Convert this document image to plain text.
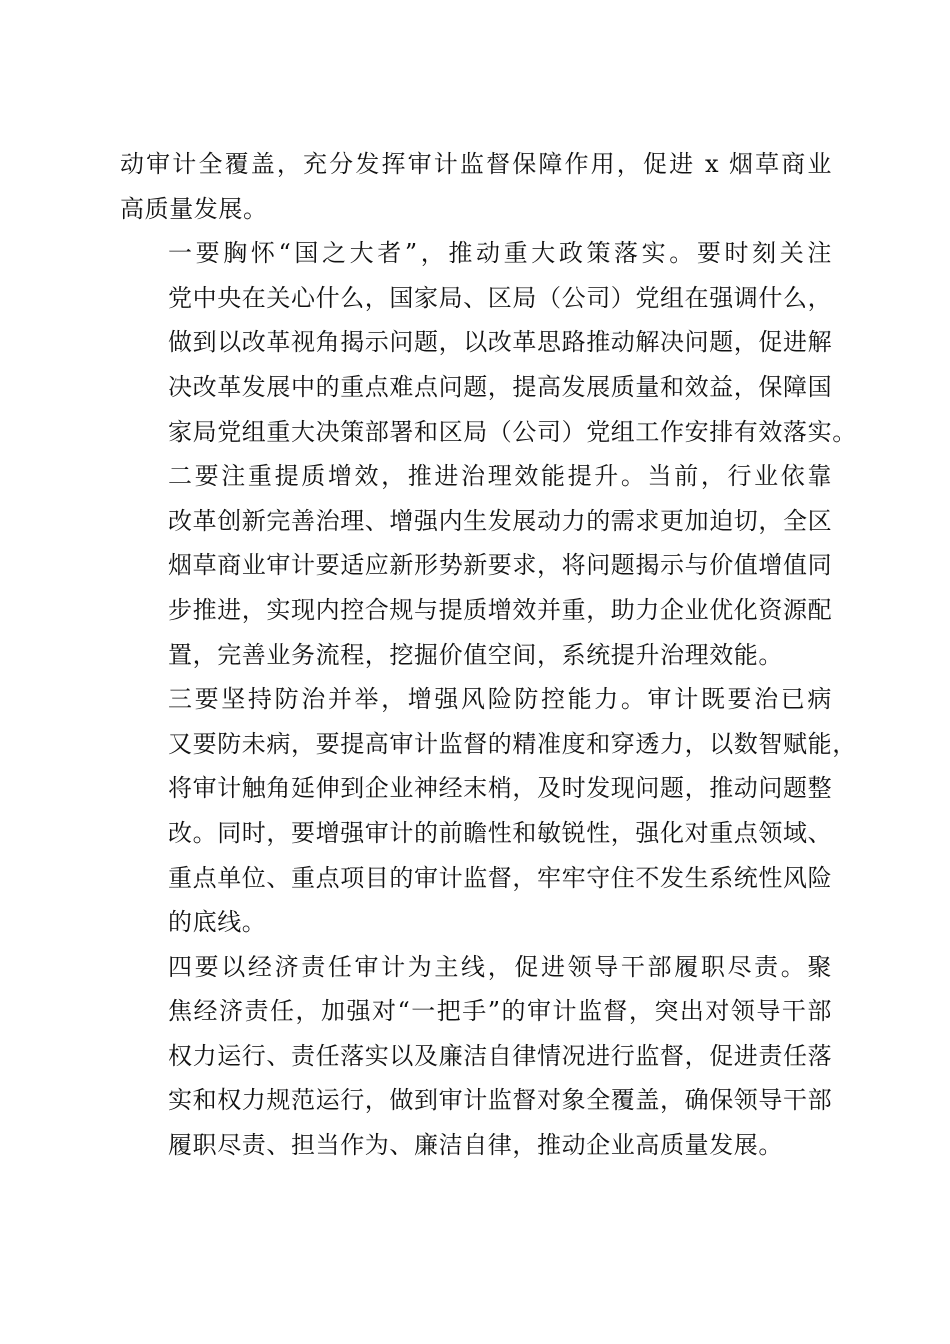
动审计全覆盖，充分发挥审计监督保障作用，促进 x 烟草商业
高质量发展。

一要胸怀“国之大者”，推动重大政策落实。要时刻关注
党中央在关心什么，国家局、区局（公司）党组在强调什么，
做到以改革视角揭示问题，以改革思路推动解决问题，促进解
决改革发展中的重点难点问题，提高发展质量和效益，保障国
家局党组重大决策部署和区局（公司）党组工作安排有效落实。

二要注重提质增效，推进治理效能提升。当前，行业依靠
改革创新完善治理、增强内生发展动力的需求更加迫切，全区
烟草商业审计要适应新形势新要求，将问题揭示与价值增值同
步推进，实现内控合规与提质增效并重，助力企业优化资源配
置，完善业务流程，挖掘价值空间，系统提升治理效能。

三要坚持防治并举，增强风险防控能力。审计既要治已病
又要防未病，要提高审计监督的精准度和穿透力，以数智赋能，
将审计触角延伸到企业神经末梢，及时发现问题，推动问题整
改。同时，要增强审计的前瞻性和敏锐性，强化对重点领域、
重点单位、重点项目的审计监督，牢牢守住不发生系统性风险
的底线。

四要以经济责任审计为主线，促进领导干部履职尽责。聚
焦经济责任，加强对“一把手”的审计监督，突出对领导干部
权力运行、责任落实以及廉洁自律情况进行监督，促进责任落
实和权力规范运行，做到审计监督对象全覆盖，确保领导干部
履职尽责、担当作为、廉洁自律，推动企业高质量发展。
